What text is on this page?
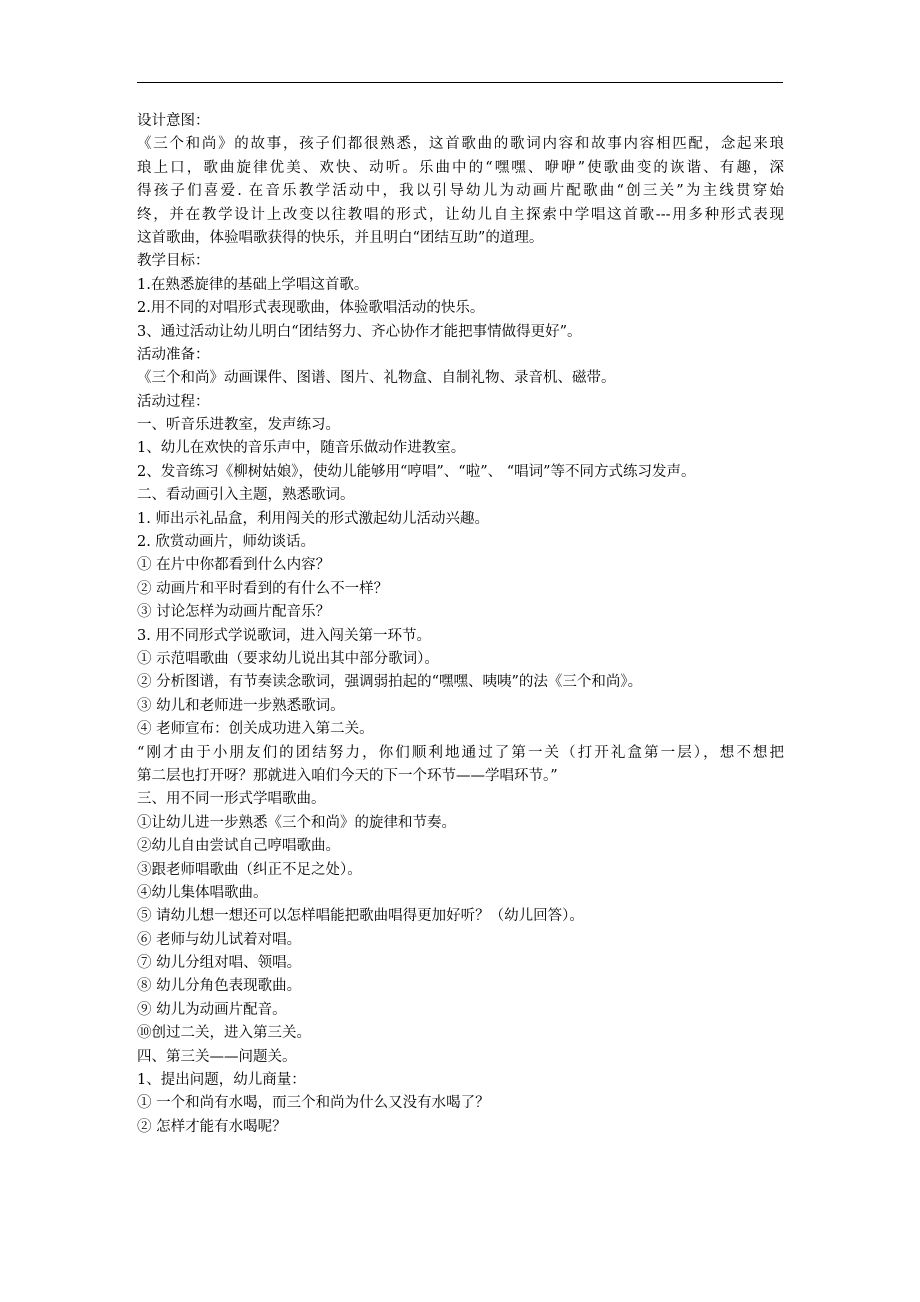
设计意图：
《三个和尚》的故事，孩子们都很熟悉，这首歌曲的歌词内容和故事内容相匹配，念起来琅
琅上口，歌曲旋律优美、欢快、动听。乐曲中的“嘿嘿、咿咿”使歌曲变的诙谐、有趣，深
得孩子们喜爱. 在音乐教学活动中，我以引导幼儿为动画片配歌曲“创三关”为主线贯穿始
终，并在教学设计上改变以往教唱的形式，让幼儿自主探索中学唱这首歌---用多种形式表现
这首歌曲，体验唱歌获得的快乐，并且明白“团结互助”的道理。
教学目标：
1.在熟悉旋律的基础上学唱这首歌。
2.用不同的对唱形式表现歌曲，体验歌唱活动的快乐。
3、通过活动让幼儿明白“团结努力、齐心协作才能把事情做得更好”。
活动准备：
《三个和尚》动画课件、图谱、图片、礼物盒、自制礼物、录音机、磁带。
活动过程：
一、听音乐进教室，发声练习。
1、幼儿在欢快的音乐声中，随音乐做动作进教室。
2、发音练习《柳树姑娘》，使幼儿能够用“哼唱”、“啦”、 “唱词”等不同方式练习发声。
二、看动画引入主题，熟悉歌词。
1. 师出示礼品盒，利用闯关的形式激起幼儿活动兴趣。
2. 欣赏动画片，师幼谈话。
① 在片中你都看到什么内容？
② 动画片和平时看到的有什么不一样？
③ 讨论怎样为动画片配音乐？
3. 用不同形式学说歌词，进入闯关第一环节。
① 示范唱歌曲（要求幼儿说出其中部分歌词）。
② 分析图谱，有节奏读念歌词，强调弱拍起的“嘿嘿、咦咦”的法《三个和尚》。
③ 幼儿和老师进一步熟悉歌词。
④ 老师宣布：创关成功进入第二关。
“刚才由于小朋友们的团结努力，你们顺利地通过了第一关（打开礼盒第一层），想不想把
第二层也打开呀？那就进入咱们今天的下一个环节——学唱环节。”
三、用不同一形式学唱歌曲。
①让幼儿进一步熟悉《三个和尚》的旋律和节奏。
②幼儿自由尝试自己哼唱歌曲。
③跟老师唱歌曲（纠正不足之处）。
④幼儿集体唱歌曲。
⑤ 请幼儿想一想还可以怎样唱能把歌曲唱得更加好听？（幼儿回答）。
⑥ 老师与幼儿试着对唱。
⑦ 幼儿分组对唱、领唱。
⑧ 幼儿分角色表现歌曲。
⑨ 幼儿为动画片配音。
⑩创过二关，进入第三关。
四、第三关——问题关。
1、提出问题，幼儿商量：
① 一个和尚有水喝，而三个和尚为什么又没有水喝了？
② 怎样才能有水喝呢？
